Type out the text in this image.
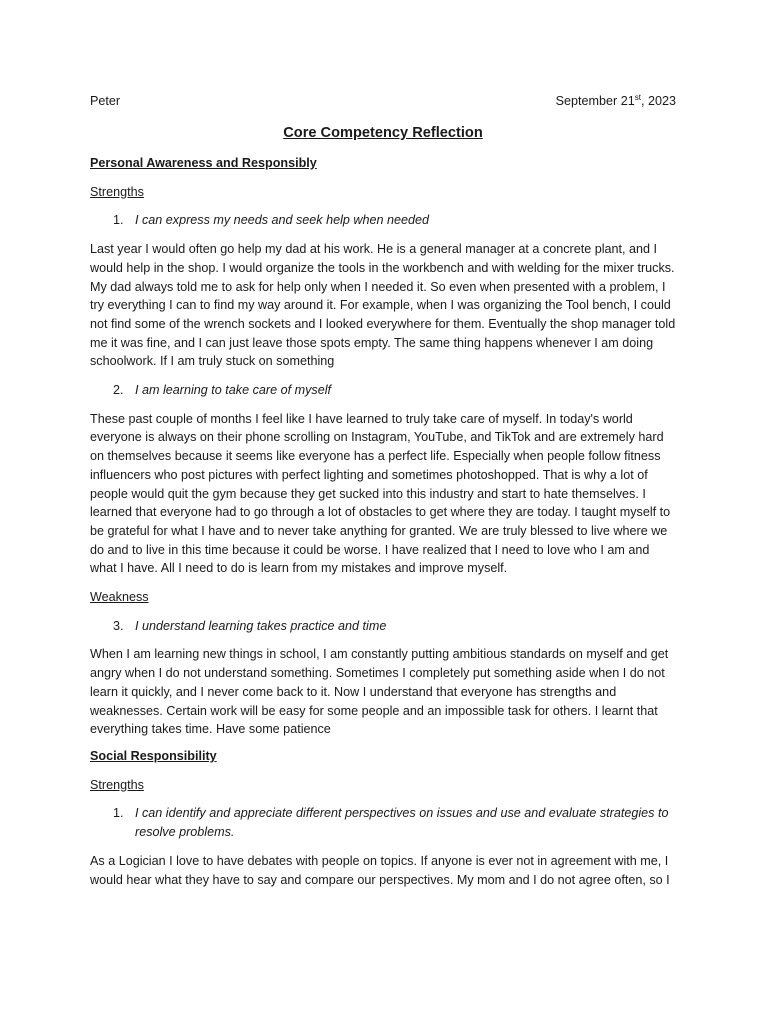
Peter	September 21st, 2023
Core Competency Reflection
Personal Awareness and Responsibly
Strengths
1. I can express my needs and seek help when needed

Last year I would often go help my dad at his work. He is a general manager at a concrete plant, and I would help in the shop. I would organize the tools in the workbench and with welding for the mixer trucks. My dad always told me to ask for help only when I needed it. So even when presented with a problem, I try everything I can to find my way around it. For example, when I was organizing the Tool bench, I could not find some of the wrench sockets and I looked everywhere for them. Eventually the shop manager told me it was fine, and I can just leave those spots empty. The same thing happens whenever I am doing schoolwork. If I am truly stuck on something

2. I am learning to take care of myself

These past couple of months I feel like I have learned to truly take care of myself. In today's world everyone is always on their phone scrolling on Instagram, YouTube, and TikTok and are extremely hard on themselves because it seems like everyone has a perfect life. Especially when people follow fitness influencers who post pictures with perfect lighting and sometimes photoshopped. That is why a lot of people would quit the gym because they get sucked into this industry and start to hate themselves. I learned that everyone had to go through a lot of obstacles to get where they are today. I taught myself to be grateful for what I have and to never take anything for granted. We are truly blessed to live where we do and to live in this time because it could be worse. I have realized that I need to love who I am and what I have. All I need to do is learn from my mistakes and improve myself.

Weakness
3. I understand learning takes practice and time

When I am learning new things in school, I am constantly putting ambitious standards on myself and get angry when I do not understand something. Sometimes I completely put something aside when I do not learn it quickly, and I never come back to it. Now I understand that everyone has strengths and weaknesses. Certain work will be easy for some people and an impossible task for others. I learnt that everything takes time. Have some patience

Social Responsibility
Strengths
1. I can identify and appreciate different perspectives on issues and use and evaluate strategies to resolve problems.

As a Logician I love to have debates with people on topics. If anyone is ever not in agreement with me, I would hear what they have to say and compare our perspectives. My mom and I do not agree often, so I
